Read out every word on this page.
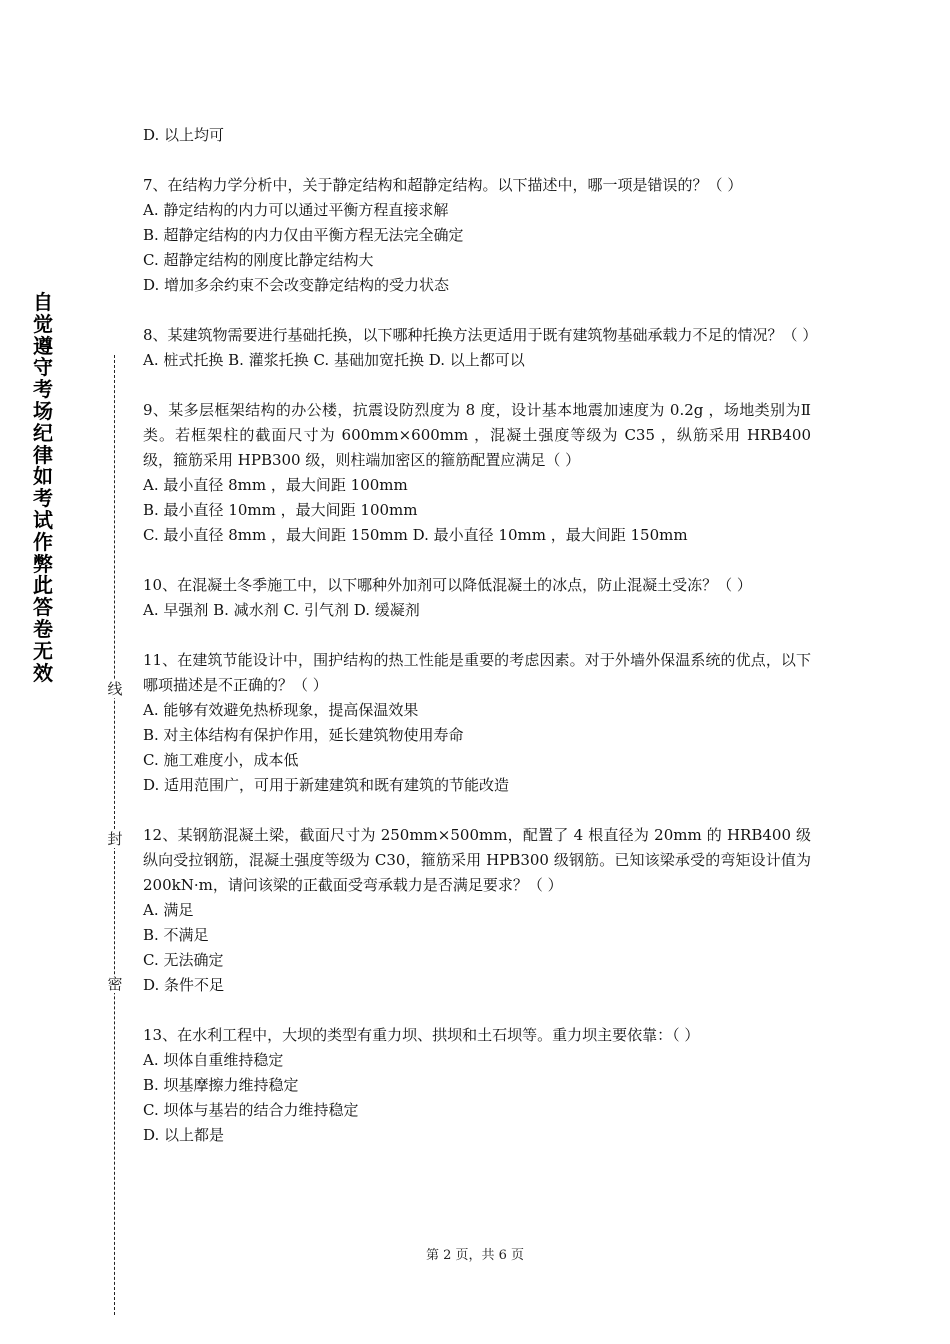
自
觉
遵
守
考
场
纪
律
如
考
试
作
弊
此
答
卷
无
效
线
封
密

D. 以上均可

7、在结构力学分析中，关于静定结构和超静定结构。以下描述中，哪一项是错误的？（ ）

A. 静定结构的内力可以通过平衡方程直接求解

B. 超静定结构的内力仅由平衡方程无法完全确定

C. 超静定结构的刚度比静定结构大

D. 增加多余约束不会改变静定结构的受力状态

8、某建筑物需要进行基础托换，以下哪种托换方法更适用于既有建筑物基础承载力不足的情况？（ ）

A. 桩式托换 B. 灌浆托换 C. 基础加宽托换 D. 以上都可以

9、某多层框架结构的办公楼，抗震设防烈度为 8 度，设计基本地震加速度为 0.2g ，场地类别为Ⅱ类。若框架柱的截面尺寸为 600mm×600mm ，混凝土强度等级为 C35 ，纵筋采用 HRB400 级，箍筋采用 HPB300 级，则柱端加密区的箍筋配置应满足（ ）

A. 最小直径 8mm ，最大间距 100mm

B. 最小直径 10mm ，最大间距 100mm

C. 最小直径 8mm ，最大间距 150mm D. 最小直径 10mm ，最大间距 150mm

10、在混凝土冬季施工中，以下哪种外加剂可以降低混凝土的冰点，防止混凝土受冻？（ ）

A. 早强剂 B. 减水剂 C. 引气剂 D. 缓凝剂

11、在建筑节能设计中，围护结构的热工性能是重要的考虑因素。对于外墙外保温系统的优点，以下哪项描述是不正确的？（ ）

A. 能够有效避免热桥现象，提高保温效果

B. 对主体结构有保护作用，延长建筑物使用寿命

C. 施工难度小，成本低

D. 适用范围广，可用于新建建筑和既有建筑的节能改造

12、某钢筋混凝土梁，截面尺寸为 250mm×500mm，配置了 4 根直径为 20mm 的 HRB400 级纵向受拉钢筋，混凝土强度等级为 C30，箍筋采用 HPB300 级钢筋。已知该梁承受的弯矩设计值为 200kN·m，请问该梁的正截面受弯承载力是否满足要求？（ ）

A. 满足

B. 不满足

C. 无法确定

D. 条件不足

13、在水利工程中，大坝的类型有重力坝、拱坝和土石坝等。重力坝主要依靠：（ ）

A. 坝体自重维持稳定

B. 坝基摩擦力维持稳定

C. 坝体与基岩的结合力维持稳定

D. 以上都是

第 2 页，共 6 页
